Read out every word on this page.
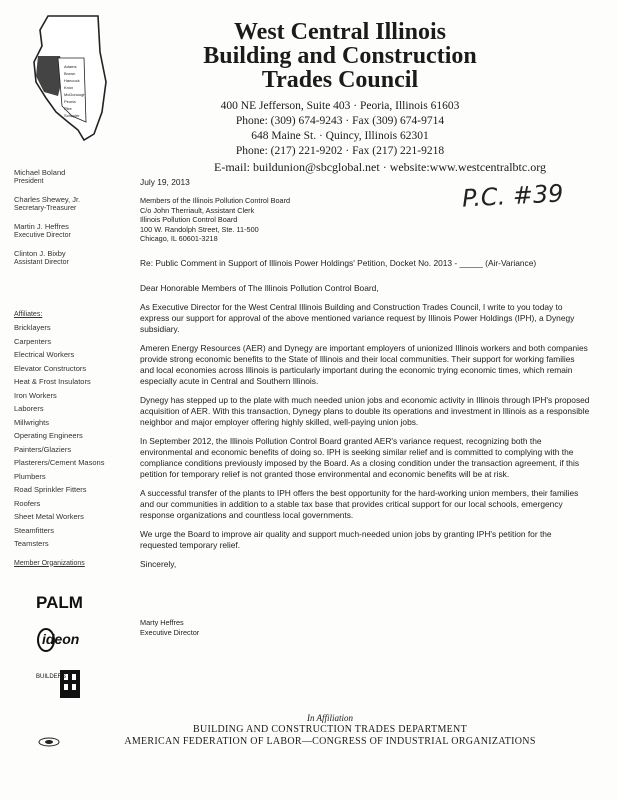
Adams
Brown
Hancock
Knox
McDonough
Peoria
Pike
Schuyler
West Central Illinois
Building and Construction
Trades Council
400 NE Jefferson, Suite 403 · Peoria, Illinois 61603
Phone: (309) 674-9243 · Fax (309) 674-9714
648 Maine St. · Quincy, Illinois 62301
Phone: (217) 221-9202 · Fax (217) 221-9218
E-mail: buildunion@sbcglobal.net · website:www.westcentralbtc.org
Michael Boland
President
Charles Shewey, Jr.
Secretary-Treasurer
Martin J. Heffres
Executive Director
Clinton J. Bixby
Assistant Director
Affiliates:
Bricklayers
Carpenters
Electrical Workers
Elevator Constructors
Heat & Frost Insulators
Iron Workers
Laborers
Millwrights
Operating Engineers
Painters/Glaziers
Plasterers/Cement Masons
Plumbers
Road Sprinkler Fitters
Roofers
Sheet Metal Workers
Steamfitters
Teamsters
Member Organizations
PALM
ideon
BUILDERS
P.C. #39

July 19, 2013

Members of the Illinois Pollution Control Board
C/o John Therriault, Assistant Clerk
Illinois Pollution Control Board
100 W. Randolph Street, Ste. 11-500
Chicago, IL 60601-3218

Re: Public Comment in Support of Illinois Power Holdings' Petition, Docket No. 2013 - _____ (Air-Variance)

Dear Honorable Members of The Illinois Pollution Control Board,

As Executive Director for the West Central Illinois Building and Construction Trades Council, I write to you today to express our support for approval of the above mentioned variance request by Illinois Power Holdings (IPH), a Dynegy subsidiary.

Ameren Energy Resources (AER) and Dynegy are important employers of unionized Illinois workers and both companies provide strong economic benefits to the State of Illinois and their local communities. Their support for working families and local economies across Illinois is particularly important during the economic trying economic times, which remain especially acute in Central and Southern Illinois.

Dynegy has stepped up to the plate with much needed union jobs and economic activity in Illinois through IPH's proposed acquisition of AER. With this transaction, Dynegy plans to double its operations and investment in Illinois as a responsible neighbor and major employer offering highly skilled, well-paying union jobs.

In September 2012, the Illinois Pollution Control Board granted AER's variance request, recognizing both the environmental and economic benefits of doing so. IPH is seeking similar relief and is committed to complying with the compliance conditions previously imposed by the Board. As a closing condition under the transaction agreement, if this petition for temporary relief is not granted those environmental and economic benefits will be at risk.

A successful transfer of the plants to IPH offers the best opportunity for the hard-working union members, their families and our communities in addition to a stable tax base that provides critical support for our local schools, emergency response organizations and countless local governments.

We urge the Board to improve air quality and support much-needed union jobs by granting IPH's petition for the requested temporary relief.

Sincerely,

Marty Heffres
Executive Director
In Affiliation
BUILDING AND CONSTRUCTION TRADES DEPARTMENT
AMERICAN FEDERATION OF LABOR—CONGRESS OF INDUSTRIAL ORGANIZATIONS
